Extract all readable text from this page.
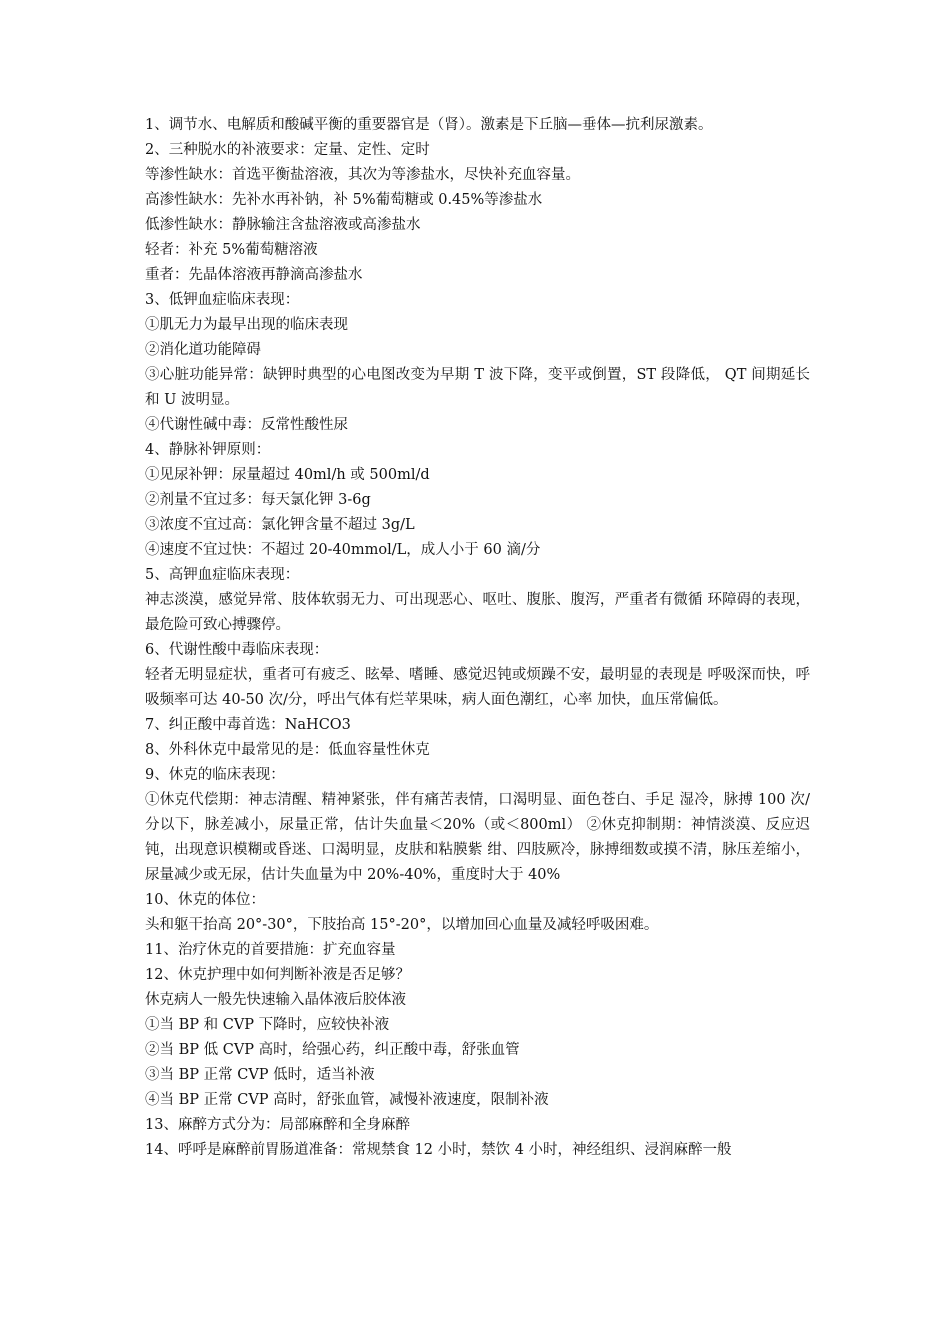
1、调节水、电解质和酸碱平衡的重要器官是（肾）。激素是下丘脑—垂体—抗利尿激素。
2、三种脱水的补液要求：定量、定性、定时
等渗性缺水：首选平衡盐溶液，其次为等渗盐水，尽快补充血容量。
高渗性缺水：先补水再补钠，补 5%葡萄糖或 0.45%等渗盐水
低渗性缺水：静脉输注含盐溶液或高渗盐水
轻者：补充 5%葡萄糖溶液
重者：先晶体溶液再静滴高渗盐水
3、低钾血症临床表现：
①肌无力为最早出现的临床表现
②消化道功能障碍
③心脏功能异常：缺钾时典型的心电图改变为早期 T 波下降，变平或倒置，ST 段降低， QT 间期延长和 U 波明显。
④代谢性碱中毒：反常性酸性尿
4、静脉补钾原则：
①见尿补钾：尿量超过 40ml/h 或 500ml/d
②剂量不宜过多：每天氯化钾 3-6g
③浓度不宜过高：氯化钾含量不超过 3g/L
④速度不宜过快：不超过 20-40mmol/L，成人小于 60 滴/分
5、高钾血症临床表现：
神志淡漠，感觉异常、肢体软弱无力、可出现恶心、呕吐、腹胀、腹泻，严重者有微循 环障碍的表现，最危险可致心搏骤停。
6、代谢性酸中毒临床表现：
轻者无明显症状，重者可有疲乏、眩晕、嗜睡、感觉迟钝或烦躁不安，最明显的表现是 呼吸深而快，呼吸频率可达 40-50 次/分，呼出气体有烂苹果味，病人面色潮红，心率 加快，血压常偏低。
7、纠正酸中毒首选：NaHCO3
8、外科休克中最常见的是：低血容量性休克
9、休克的临床表现：
①休克代偿期：神志清醒、精神紧张，伴有痛苦表情，口渴明显、面色苍白、手足 湿冷，脉搏 100 次/分以下，脉差减小，尿量正常，估计失血量＜20%（或＜800ml） ②休克抑制期：神情淡漠、反应迟钝，出现意识模糊或昏迷、口渴明显，皮肤和粘膜紫 绀、四肢厥冷，脉搏细数或摸不清，脉压差缩小，尿量减少或无尿，估计失血量为中 20%-40%，重度时大于 40%
10、休克的体位：
头和躯干抬高 20°-30°，下肢抬高 15°-20°，以增加回心血量及减轻呼吸困难。
11、治疗休克的首要措施：扩充血容量
12、休克护理中如何判断补液是否足够？
休克病人一般先快速输入晶体液后胶体液
①当 BP 和 CVP 下降时，应较快补液
②当 BP 低 CVP 高时，给强心药，纠正酸中毒，舒张血管
③当 BP 正常 CVP 低时，适当补液
④当 BP 正常 CVP 高时，舒张血管，减慢补液速度，限制补液
13、麻醉方式分为：局部麻醉和全身麻醉
14、呼呼是麻醉前胃肠道准备：常规禁食 12 小时，禁饮 4 小时，神经组织、浸润麻醉一般
